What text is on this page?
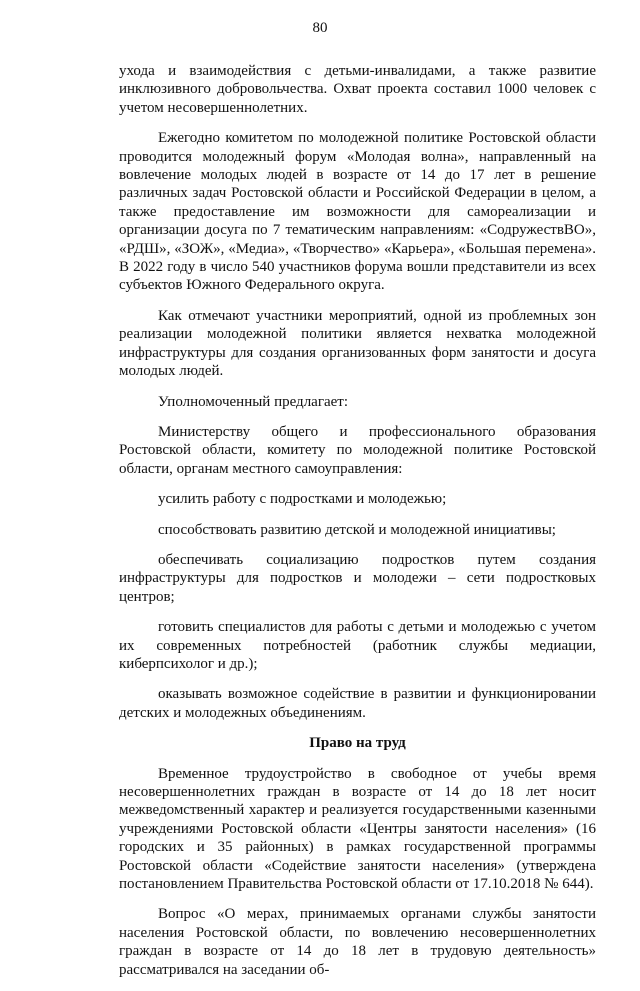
80

ухода и взаимодействия с детьми-инвалидами, а также развитие инклюзивного добровольчества. Охват проекта составил 1000 человек с учетом несовершеннолетних.

Ежегодно комитетом по молодежной политике Ростовской области проводится молодежный форум «Молодая волна», направленный на вовлечение молодых людей в возрасте от 14 до 17 лет в решение различных задач Ростовской области и Российской Федерации в целом, а также предоставление им возможности для самореализации и организации досуга по 7 тематическим направлениям: «СодружествВО», «РДШ», «ЗОЖ», «Медиа», «Творчество» «Карьера», «Большая перемена». В 2022 году в число 540 участников форума вошли представители из всех субъектов Южного Федерального округа.

Как отмечают участники мероприятий, одной из проблемных зон реализации молодежной политики является нехватка молодежной инфраструктуры для создания организованных форм занятости и досуга молодых людей.

Уполномоченный предлагает:

Министерству общего и профессионального образования Ростовской области, комитету по молодежной политике Ростовской области, органам местного самоуправления:

усилить работу с подростками и молодежью;

способствовать развитию детской и молодежной инициативы;

обеспечивать социализацию подростков путем создания инфраструктуры для подростков и молодежи – сети подростковых центров;

готовить специалистов для работы с детьми и молодежью с учетом их современных потребностей (работник службы медиации, киберпсихолог и др.);

оказывать возможное содействие в развитии и функционировании детских и молодежных объединениям.

Право на труд

Временное трудоустройство в свободное от учебы время несовершеннолетних граждан в возрасте от 14 до 18 лет носит межведомственный характер и реализуется государственными казенными учреждениями Ростовской области «Центры занятости населения» (16 городских и 35 районных) в рамках государственной программы Ростовской области «Содействие занятости населения» (утверждена постановлением Правительства Ростовской области от 17.10.2018 № 644).

Вопрос «О мерах, принимаемых органами службы занятости населения Ростовской области, по вовлечению несовершеннолетних граждан в возрасте от 14 до 18 лет в трудовую деятельность» рассматривался на заседании об-
